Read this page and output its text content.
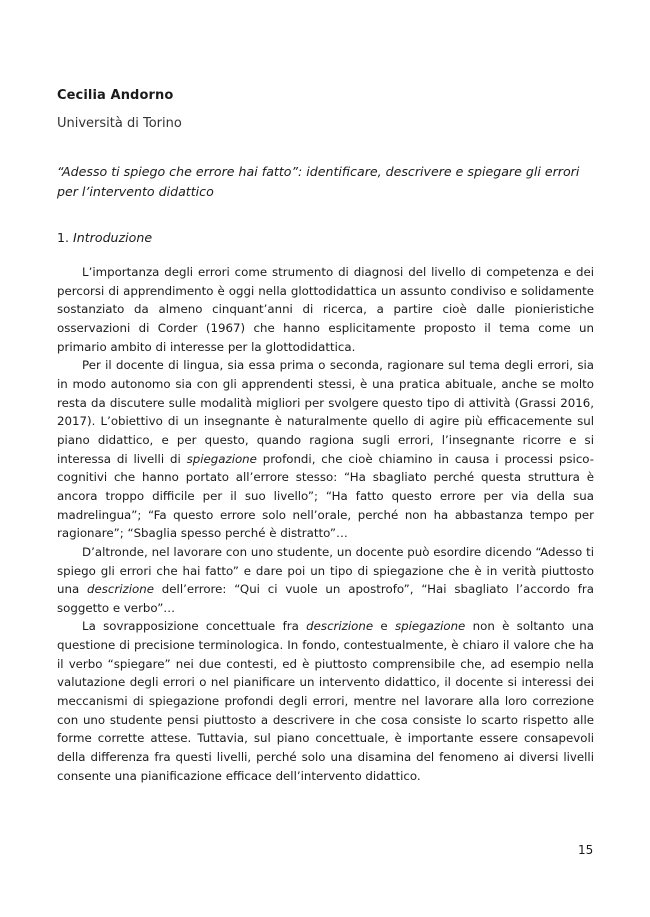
Cecilia Andorno
Università di Torino
“Adesso ti spiego che errore hai fatto”: identificare, descrivere e spiegare gli errori per l’intervento didattico
1. Introduzione

L’importanza degli errori come strumento di diagnosi del livello di competenza e dei percorsi di apprendimento è oggi nella glottodidattica un assunto condiviso e solidamente sostanziato da almeno cinquant’anni di ricerca, a partire cioè dalle pionieristiche osservazioni di Corder (1967) che hanno esplicitamente proposto il tema come un primario ambito di interesse per la glottodidattica.

Per il docente di lingua, sia essa prima o seconda, ragionare sul tema degli errori, sia in modo autonomo sia con gli apprendenti stessi, è una pratica abituale, anche se molto resta da discutere sulle modalità migliori per svolgere questo tipo di attività (Grassi 2016, 2017). L’obiettivo di un insegnante è naturalmente quello di agire più efficacemente sul piano didattico, e per questo, quando ragiona sugli errori, l’insegnante ricorre e si interessa di livelli di spiegazione profondi, che cioè chiamino in causa i processi psico-cognitivi che hanno portato all’errore stesso: “Ha sbagliato perché questa struttura è ancora troppo difficile per il suo livello”; “Ha fatto questo errore per via della sua madrelingua”; “Fa questo errore solo nell’orale, perché non ha abbastanza tempo per ragionare”; “Sbaglia spesso perché è distratto”…

D’altronde, nel lavorare con uno studente, un docente può esordire dicendo “Adesso ti spiego gli errori che hai fatto” e dare poi un tipo di spiegazione che è in verità piuttosto una descrizione dell’errore: “Qui ci vuole un apostrofo”, “Hai sbagliato l’accordo fra soggetto e verbo”…

La sovrapposizione concettuale fra descrizione e spiegazione non è soltanto una questione di precisione terminologica. In fondo, contestualmente, è chiaro il valore che ha il verbo “spiegare” nei due contesti, ed è piuttosto comprensibile che, ad esempio nella valutazione degli errori o nel pianificare un intervento didattico, il docente si interessi dei meccanismi di spiegazione profondi degli errori, mentre nel lavorare alla loro correzione con uno studente pensi piuttosto a descrivere in che cosa consiste lo scarto rispetto alle forme corrette attese. Tuttavia, sul piano concettuale, è importante essere consapevoli della differenza fra questi livelli, perché solo una disamina del fenomeno ai diversi livelli consente una pianificazione efficace dell’intervento didattico.

15
